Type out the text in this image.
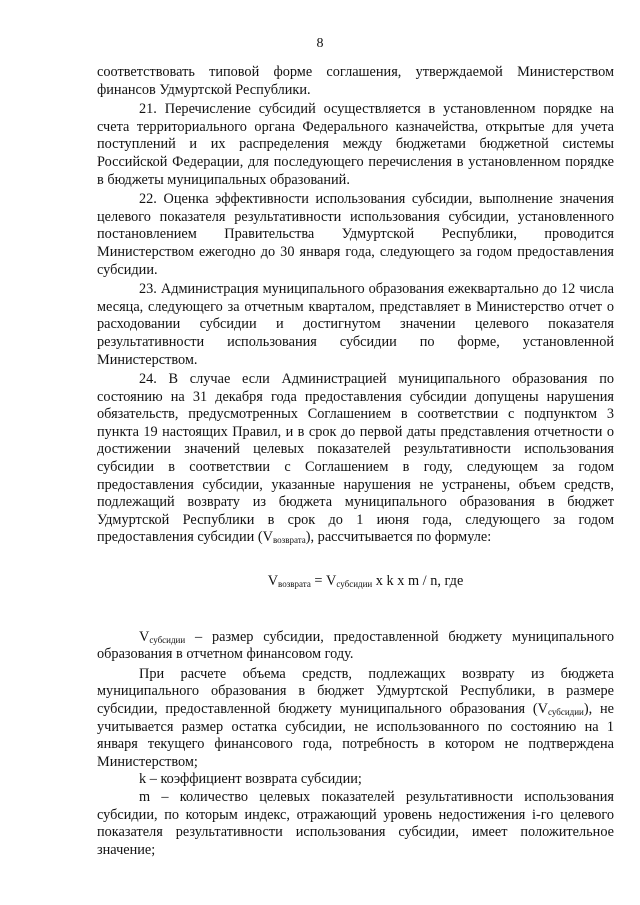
8

соответствовать типовой форме соглашения, утверждаемой Министерством финансов Удмуртской Республики.

21. Перечисление субсидий осуществляется в установленном порядке на счета территориального органа Федерального казначейства, открытые для учета поступлений и их распределения между бюджетами бюджетной системы Российской Федерации, для последующего перечисления в установленном порядке в бюджеты муниципальных образований.

22. Оценка эффективности использования субсидии, выполнение значения целевого показателя результативности использования субсидии, установленного постановлением Правительства Удмуртской Республики, проводится Министерством ежегодно до 30 января года, следующего за годом предоставления субсидии.

23. Администрация муниципального образования ежеквартально до 12 числа месяца, следующего за отчетным кварталом, представляет в Министерство отчет о расходовании субсидии и достигнутом значении целевого показателя результативности использования субсидии по форме, установленной Министерством.

24. В случае если Администрацией муниципального образования по состоянию на 31 декабря года предоставления субсидии допущены нарушения обязательств, предусмотренных Соглашением в соответствии с подпунктом 3 пункта 19 настоящих Правил, и в срок до первой даты представления отчетности о достижении значений целевых показателей результативности использования субсидии в соответствии с Соглашением в году, следующем за годом предоставления субсидии, указанные нарушения не устранены, объем средств, подлежащий возврату из бюджета муниципального образования в бюджет Удмуртской Республики в срок до 1 июня года, следующего за годом предоставления субсидии $(V_{возврата})$, рассчитывается по формуле:

$V_{возврата} = V_{субсидии}$ x k x m / n, где

$V_{субсидии}$ – размер субсидии, предоставленной бюджету муниципального образования в отчетном финансовом году.

При расчете объема средств, подлежащих возврату из бюджета муниципального образования в бюджет Удмуртской Республики, в размере субсидии, предоставленной бюджету муниципального образования $(V_{субсидии})$, не учитывается размер остатка субсидии, не использованного по состоянию на 1 января текущего финансового года, потребность в котором не подтверждена Министерством;

k – коэффициент возврата субсидии;

m – количество целевых показателей результативности использования субсидии, по которым индекс, отражающий уровень недостижения i-го целевого показателя результативности использования субсидии, имеет положительное значение;
